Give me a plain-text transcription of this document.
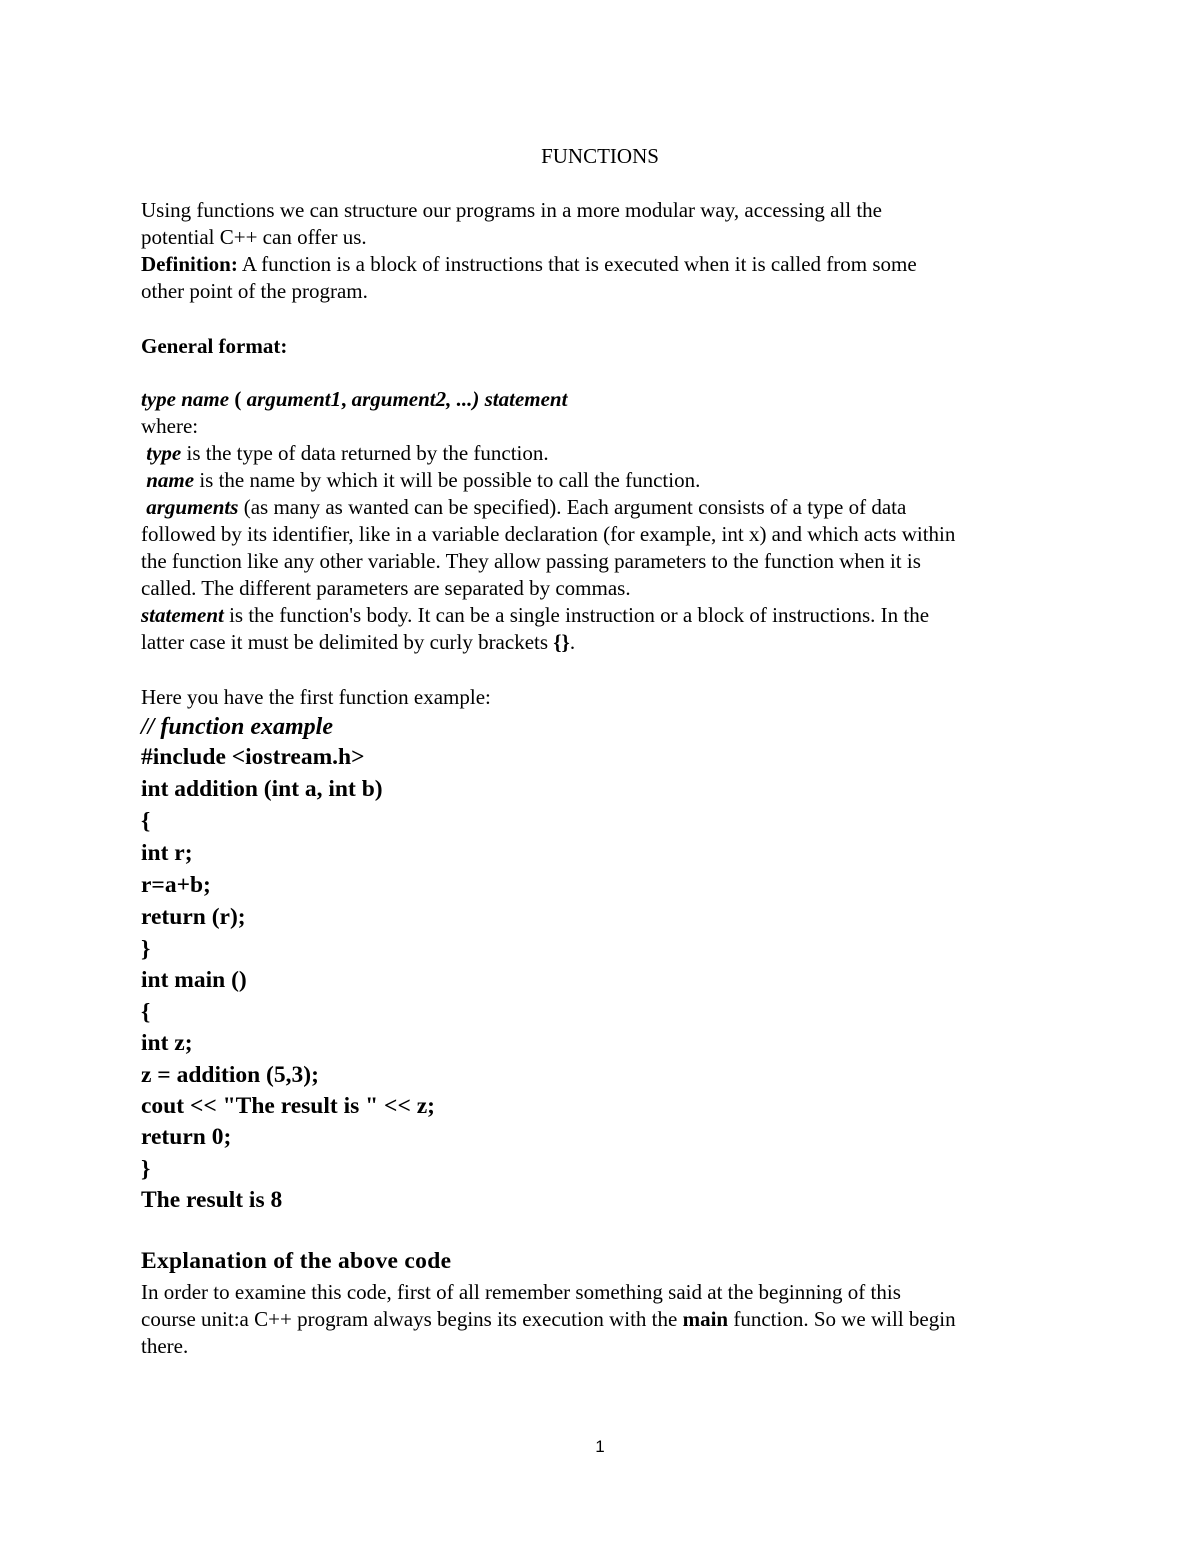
FUNCTIONS
Using functions we can structure our programs in a more modular way, accessing all the
potential C++ can offer us.
Definition: A function is a block of instructions that is executed when it is called from some
other point of the program.
General format:
type name ( argument1, argument2, ...) statement
where:
type is the type of data returned by the function.
name is the name by which it will be possible to call the function.
arguments (as many as wanted can be specified). Each argument consists of a type of data
followed by its identifier, like in a variable declaration (for example, int x) and which acts within
the function like any other variable. They allow passing parameters to the function when it is
called. The different parameters are separated by commas.
statement is the function's body. It can be a single instruction or a block of instructions. In the
latter case it must be delimited by curly brackets {}.
Here you have the first function example:
// function example
#include <iostream.h>
int addition (int a, int b)
{
int r;
r=a+b;
return (r);
}
int main ()
{
int z;
z = addition (5,3);
cout << "The result is " << z;
return 0;
}
The result is 8
Explanation of the above code
In order to examine this code, first of all remember something said at the beginning of this
course unit:a C++ program always begins its execution with the main function. So we will begin
there.
1
